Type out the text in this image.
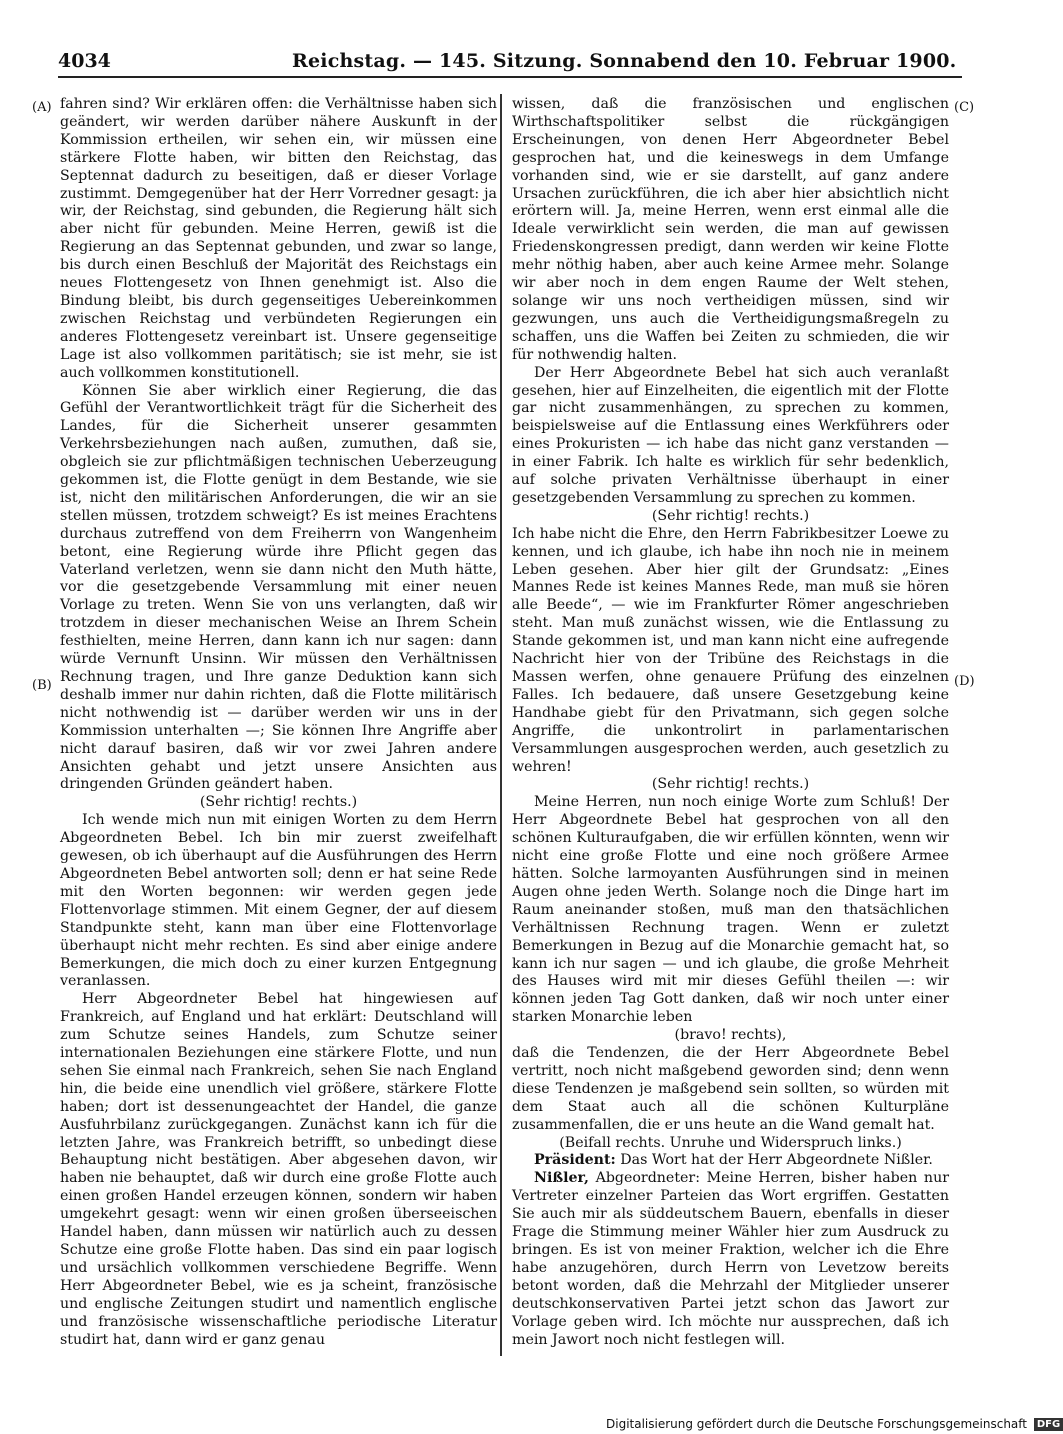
4034	Reichstag. — 145. Sitzung. Sonnabend den 10. Februar 1900.
(A)
(B)
(C)
(D)

fahren sind? Wir erklären offen: die Verhältnisse haben sich geändert, wir werden darüber nähere Auskunft in der Kommission ertheilen, wir sehen ein, wir müssen eine stärkere Flotte haben, wir bitten den Reichstag, das Septennat dadurch zu beseitigen, daß er dieser Vorlage zustimmt. Demgegenüber hat der Herr Vorredner gesagt: ja wir, der Reichstag, sind gebunden, die Regierung hält sich aber nicht für gebunden. Meine Herren, gewiß ist die Regierung an das Septennat gebunden, und zwar so lange, bis durch einen Beschluß der Majorität des Reichstags ein neues Flottengesetz von Ihnen genehmigt ist. Also die Bindung bleibt, bis durch gegenseitiges Uebereinkommen zwischen Reichstag und verbündeten Regierungen ein anderes Flottengesetz vereinbart ist. Unsere gegenseitige Lage ist also vollkommen paritätisch; sie ist mehr, sie ist auch vollkommen konstitutionell.

Können Sie aber wirklich einer Regierung, die das Gefühl der Verantwortlichkeit trägt für die Sicherheit des Landes, für die Sicherheit unserer gesammten Verkehrsbeziehungen nach außen, zumuthen, daß sie, obgleich sie zur pflichtmäßigen technischen Ueberzeugung gekommen ist, die Flotte genügt in dem Bestande, wie sie ist, nicht den militärischen Anforderungen, die wir an sie stellen müssen, trotzdem schweigt? Es ist meines Erachtens durchaus zutreffend von dem Freiherrn von Wangenheim betont, eine Regierung würde ihre Pflicht gegen das Vaterland verletzen, wenn sie dann nicht den Muth hätte, vor die gesetzgebende Versammlung mit einer neuen Vorlage zu treten. Wenn Sie von uns verlangten, daß wir trotzdem in dieser mechanischen Weise an Ihrem Schein festhielten, meine Herren, dann kann ich nur sagen: dann würde Vernunft Unsinn. Wir müssen den Verhältnissen Rechnung tragen, und Ihre ganze Deduktion kann sich deshalb immer nur dahin richten, daß die Flotte militärisch nicht nothwendig ist — darüber werden wir uns in der Kommission unterhalten —; Sie können Ihre Angriffe aber nicht darauf basiren, daß wir vor zwei Jahren andere Ansichten gehabt und jetzt unsere Ansichten aus dringenden Gründen geändert haben.

(Sehr richtig! rechts.)

Ich wende mich nun mit einigen Worten zu dem Herrn Abgeordneten Bebel. Ich bin mir zuerst zweifelhaft gewesen, ob ich überhaupt auf die Ausführungen des Herrn Abgeordneten Bebel antworten soll; denn er hat seine Rede mit den Worten begonnen: wir werden gegen jede Flottenvorlage stimmen. Mit einem Gegner, der auf diesem Standpunkte steht, kann man über eine Flottenvorlage überhaupt nicht mehr rechten. Es sind aber einige andere Bemerkungen, die mich doch zu einer kurzen Entgegnung veranlassen.

Herr Abgeordneter Bebel hat hingewiesen auf Frankreich, auf England und hat erklärt: Deutschland will zum Schutze seines Handels, zum Schutze seiner internationalen Beziehungen eine stärkere Flotte, und nun sehen Sie einmal nach Frankreich, sehen Sie nach England hin, die beide eine unendlich viel größere, stärkere Flotte haben; dort ist dessenungeachtet der Handel, die ganze Ausfuhrbilanz zurückgegangen. Zunächst kann ich für die letzten Jahre, was Frankreich betrifft, so unbedingt diese Behauptung nicht bestätigen. Aber abgesehen davon, wir haben nie behauptet, daß wir durch eine große Flotte auch einen großen Handel erzeugen können, sondern wir haben umgekehrt gesagt: wenn wir einen großen überseeischen Handel haben, dann müssen wir natürlich auch zu dessen Schutze eine große Flotte haben. Das sind ein paar logisch und ursächlich vollkommen verschiedene Begriffe. Wenn Herr Abgeordneter Bebel, wie es ja scheint, französische und englische Zeitungen studirt und namentlich englische und französische wissenschaftliche periodische Literatur studirt hat, dann wird er ganz genau

wissen, daß die französischen und englischen Wirthschaftspolitiker selbst die rückgängigen Erscheinungen, von denen Herr Abgeordneter Bebel gesprochen hat, und die keineswegs in dem Umfange vorhanden sind, wie er sie darstellt, auf ganz andere Ursachen zurückführen, die ich aber hier absichtlich nicht erörtern will. Ja, meine Herren, wenn erst einmal alle die Ideale verwirklicht sein werden, die man auf gewissen Friedenskongressen predigt, dann werden wir keine Flotte mehr nöthig haben, aber auch keine Armee mehr. Solange wir aber noch in dem engen Raume der Welt stehen, solange wir uns noch vertheidigen müssen, sind wir gezwungen, uns auch die Vertheidigungsmaßregeln zu schaffen, uns die Waffen bei Zeiten zu schmieden, die wir für nothwendig halten.

Der Herr Abgeordnete Bebel hat sich auch veranlaßt gesehen, hier auf Einzelheiten, die eigentlich mit der Flotte gar nicht zusammenhängen, zu sprechen zu kommen, beispielsweise auf die Entlassung eines Werkführers oder eines Prokuristen — ich habe das nicht ganz verstanden — in einer Fabrik. Ich halte es wirklich für sehr bedenklich, auf solche privaten Verhältnisse überhaupt in einer gesetzgebenden Versammlung zu sprechen zu kommen.

(Sehr richtig! rechts.)

Ich habe nicht die Ehre, den Herrn Fabrikbesitzer Loewe zu kennen, und ich glaube, ich habe ihn noch nie in meinem Leben gesehen. Aber hier gilt der Grundsatz: „Eines Mannes Rede ist keines Mannes Rede, man muß sie hören alle Beede“, — wie im Frankfurter Römer angeschrieben steht. Man muß zunächst wissen, wie die Entlassung zu Stande gekommen ist, und man kann nicht eine aufregende Nachricht hier von der Tribüne des Reichstags in die Massen werfen, ohne genauere Prüfung des einzelnen Falles. Ich bedauere, daß unsere Gesetzgebung keine Handhabe giebt für den Privatmann, sich gegen solche Angriffe, die unkontrolirt in parlamentarischen Versammlungen ausgesprochen werden, auch gesetzlich zu wehren!

(Sehr richtig! rechts.)

Meine Herren, nun noch einige Worte zum Schluß! Der Herr Abgeordnete Bebel hat gesprochen von all den schönen Kulturaufgaben, die wir erfüllen könnten, wenn wir nicht eine große Flotte und eine noch größere Armee hätten. Solche larmoyanten Ausführungen sind in meinen Augen ohne jeden Werth. Solange noch die Dinge hart im Raum aneinander stoßen, muß man den thatsächlichen Verhältnissen Rechnung tragen. Wenn er zuletzt Bemerkungen in Bezug auf die Monarchie gemacht hat, so kann ich nur sagen — und ich glaube, die große Mehrheit des Hauses wird mit mir dieses Gefühl theilen —: wir können jeden Tag Gott danken, daß wir noch unter einer starken Monarchie leben

(bravo! rechts),

daß die Tendenzen, die der Herr Abgeordnete Bebel vertritt, noch nicht maßgebend geworden sind; denn wenn diese Tendenzen je maßgebend sein sollten, so würden mit dem Staat auch all die schönen Kulturpläne zusammenfallen, die er uns heute an die Wand gemalt hat.

(Beifall rechts. Unruhe und Widerspruch links.)

Präsident: Das Wort hat der Herr Abgeordnete Nißler.

Nißler, Abgeordneter: Meine Herren, bisher haben nur Vertreter einzelner Parteien das Wort ergriffen. Gestatten Sie auch mir als süddeutschem Bauern, ebenfalls in dieser Frage die Stimmung meiner Wähler hier zum Ausdruck zu bringen. Es ist von meiner Fraktion, welcher ich die Ehre habe anzugehören, durch Herrn von Levetzow bereits betont worden, daß die Mehrzahl der Mitglieder unserer deutschkonservativen Partei jetzt schon das Jawort zur Vorlage geben wird. Ich möchte nur aussprechen, daß ich mein Jawort noch nicht festlegen will.

Digitalisierung gefördert durch die Deutsche Forschungsgemeinschaft DFG
